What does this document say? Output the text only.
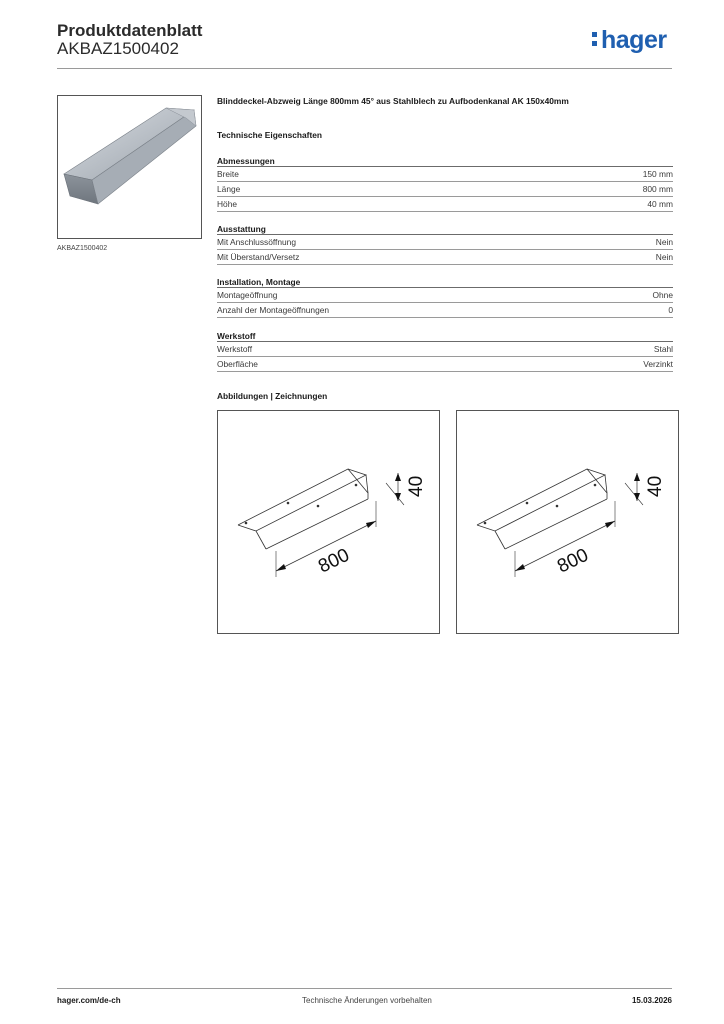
Produktdatenblatt
AKBAZ1500402	hager
AKBAZ1500402
Blinddeckel-Abzweig Länge 800mm 45° aus Stahlblech zu Aufbodenkanal AK 150x40mm
Technische Eigenschaften
Abmessungen
Breite	150 mm
Länge	800 mm
Höhe	40 mm
Ausstattung
Mit Anschlussöffnung	Nein
Mit Überstand/Versetz	Nein
Installation, Montage
Montageöffnung	Ohne
Anzahl der Montageöffnungen	0
Werkstoff
Werkstoff	Stahl
Oberfläche	Verzinkt
Abbildungen | Zeichnungen
800
40
800
40
hager.com/de-ch	Technische Änderungen vorbehalten	15.03.2026
